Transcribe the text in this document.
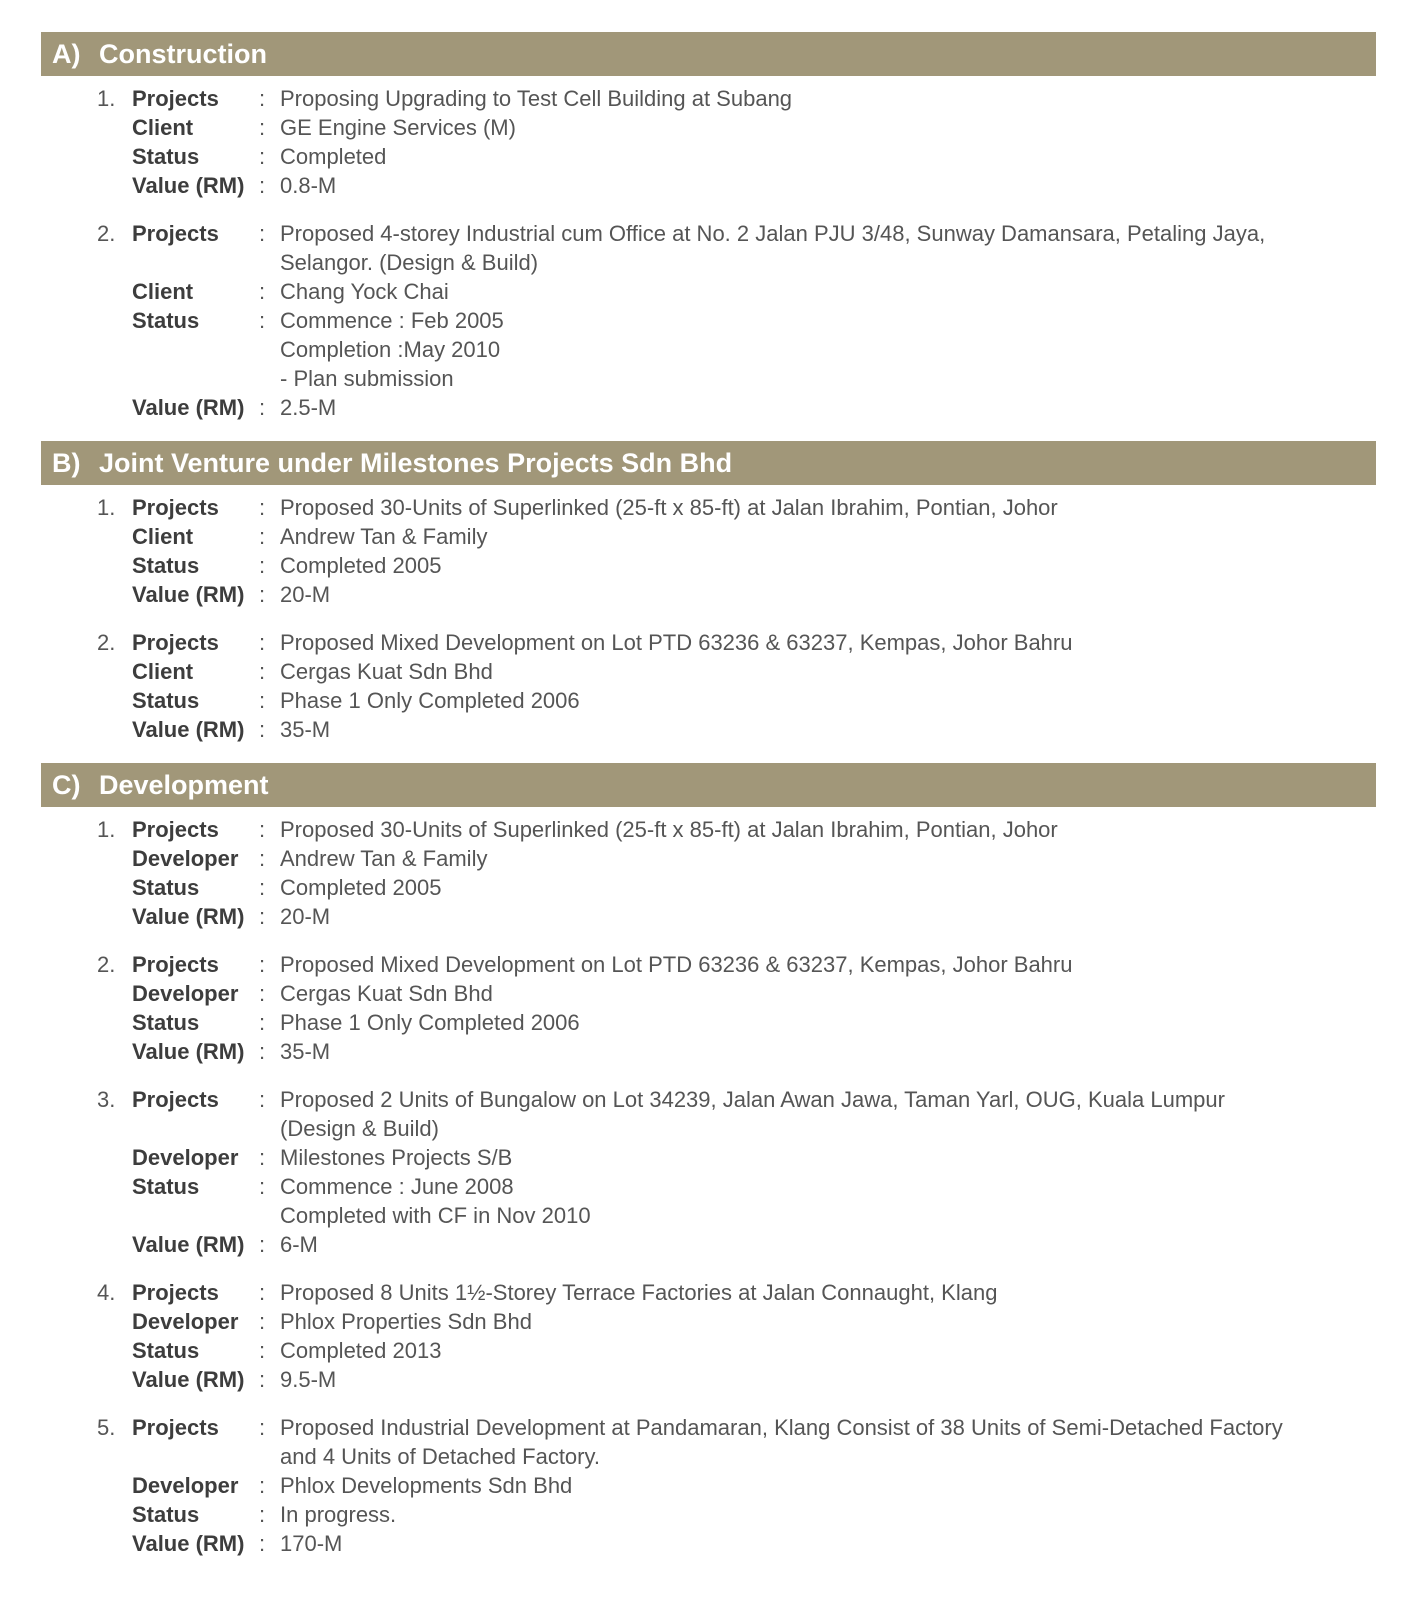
A) Construction
1. Projects	: Proposing Upgrading to Test Cell Building at Subang
Client	: GE Engine Services (M)
Status	: Completed
Value (RM) : 0.8-M
2. Projects	: Proposed 4-storey Industrial cum Office at No. 2 Jalan PJU 3/48, Sunway Damansara, Petaling Jaya,
Selangor. (Design & Build)
Client	: Chang Yock Chai
Status	: Commence : Feb 2005
Completion :May 2010
- Plan submission
Value (RM) : 2.5-M
B) Joint Venture under Milestones Projects Sdn Bhd
1. Projects	: Proposed 30-Units of Superlinked (25-ft x 85-ft) at Jalan Ibrahim, Pontian, Johor
Client	: Andrew Tan & Family
Status	: Completed 2005
Value (RM) : 20-M
2. Projects	: Proposed Mixed Development on Lot PTD 63236 & 63237, Kempas, Johor Bahru
Client	: Cergas Kuat Sdn Bhd
Status	: Phase 1 Only Completed 2006
Value (RM) : 35-M
C) Development
1. Projects	: Proposed 30-Units of Superlinked (25-ft x 85-ft) at Jalan Ibrahim, Pontian, Johor
Developer : Andrew Tan & Family
Status	: Completed 2005
Value (RM) : 20-M
2. Projects	: Proposed Mixed Development on Lot PTD 63236 & 63237, Kempas, Johor Bahru
Developer : Cergas Kuat Sdn Bhd
Status	: Phase 1 Only Completed 2006
Value (RM) : 35-M
3. Projects	: Proposed 2 Units of Bungalow on Lot 34239, Jalan Awan Jawa, Taman Yarl, OUG, Kuala Lumpur
(Design & Build)
Developer : Milestones Projects S/B
Status	: Commence : June 2008
Completed with CF in Nov 2010
Value (RM) : 6-M
4. Projects	: Proposed 8 Units 1½-Storey Terrace Factories at Jalan Connaught, Klang
Developer : Phlox Properties Sdn Bhd
Status	: Completed 2013
Value (RM) : 9.5-M
5. Projects	: Proposed Industrial Development at Pandamaran, Klang Consist of 38 Units of Semi-Detached Factory
and 4 Units of Detached Factory.
Developer : Phlox Developments Sdn Bhd
Status	: In progress.
Value (RM) : 170-M
